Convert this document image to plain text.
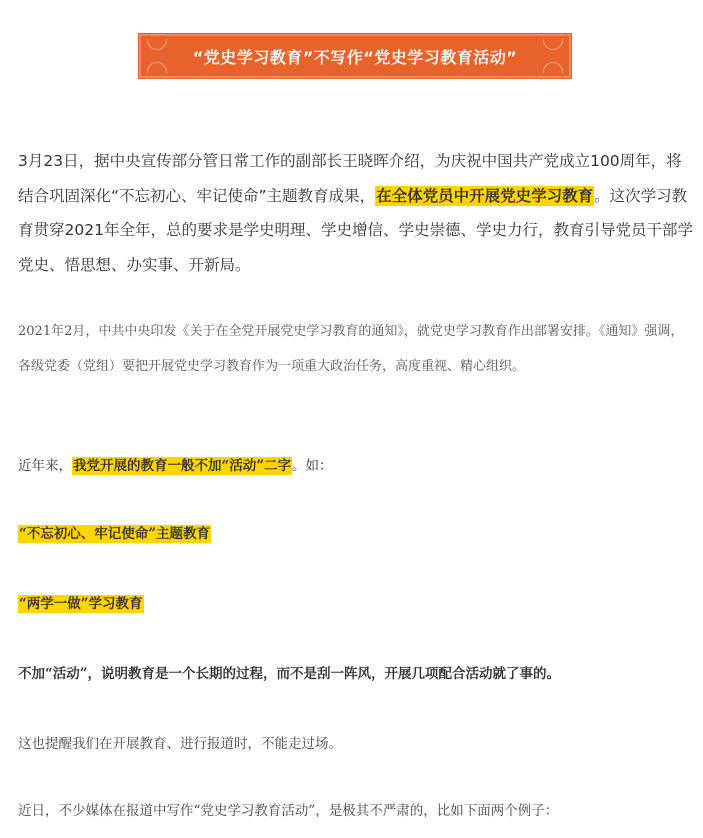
“党史学习教育”不写作“党史学习教育活动”

3月23日，据中央宣传部分管日常工作的副部长王晓晖介绍，为庆祝中国共产党成立100周年，将结合巩固深化“不忘初心、牢记使命”主题教育成果，在全体党员中开展党史学习教育。这次学习教育贯穿2021年全年，总的要求是学史明理、学史增信、学史崇德、学史力行，教育引导党员干部学党史、悟思想、办实事、开新局。

2021年2月，中共中央印发《关于在全党开展党史学习教育的通知》，就党史学习教育作出部署安排。《通知》强调，各级党委（党组）要把开展党史学习教育作为一项重大政治任务，高度重视、精心组织。

近年来，我党开展的教育一般不加“活动”二字。如：

“不忘初心、牢记使命”主题教育

“两学一做”学习教育

不加“活动”，说明教育是一个长期的过程，而不是刮一阵风，开展几项配合活动就了事的。

这也提醒我们在开展教育、进行报道时，不能走过场。

近日，不少媒体在报道中写作“党史学习教育活动”，是极其不严肃的，比如下面两个例子：
